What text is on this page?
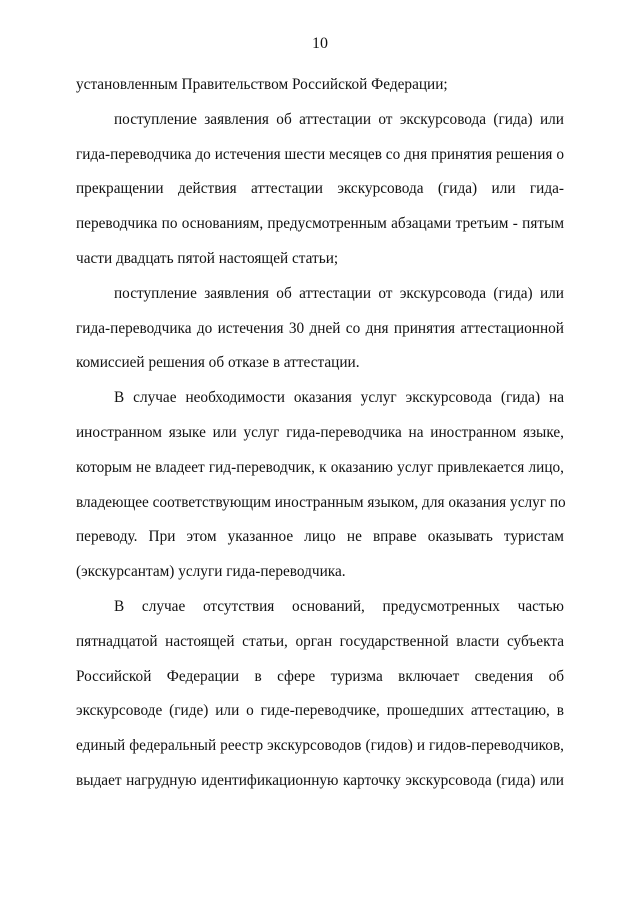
10
установленным Правительством Российской Федерации;
поступление заявления об аттестации от экскурсовода (гида) или
гида-переводчика до истечения шести месяцев со дня принятия решения о
прекращении действия аттестации экскурсовода (гида) или гида-
переводчика по основаниям, предусмотренным абзацами третьим - пятым
части двадцать пятой настоящей статьи;
поступление заявления об аттестации от экскурсовода (гида) или
гида-переводчика до истечения 30 дней со дня принятия аттестационной
комиссией решения об отказе в аттестации.
В случае необходимости оказания услуг экскурсовода (гида) на
иностранном языке или услуг гида-переводчика на иностранном языке,
которым не владеет гид-переводчик, к оказанию услуг привлекается лицо,
владеющее соответствующим иностранным языком, для оказания услуг по
переводу. При этом указанное лицо не вправе оказывать туристам
(экскурсантам) услуги гида-переводчика.
В случае отсутствия оснований, предусмотренных частью
пятнадцатой настоящей статьи, орган государственной власти субъекта
Российской Федерации в сфере туризма включает сведения об
экскурсоводе (гиде) или о гиде-переводчике, прошедших аттестацию, в
единый федеральный реестр экскурсоводов (гидов) и гидов-переводчиков,
выдает нагрудную идентификационную карточку экскурсовода (гида) или
